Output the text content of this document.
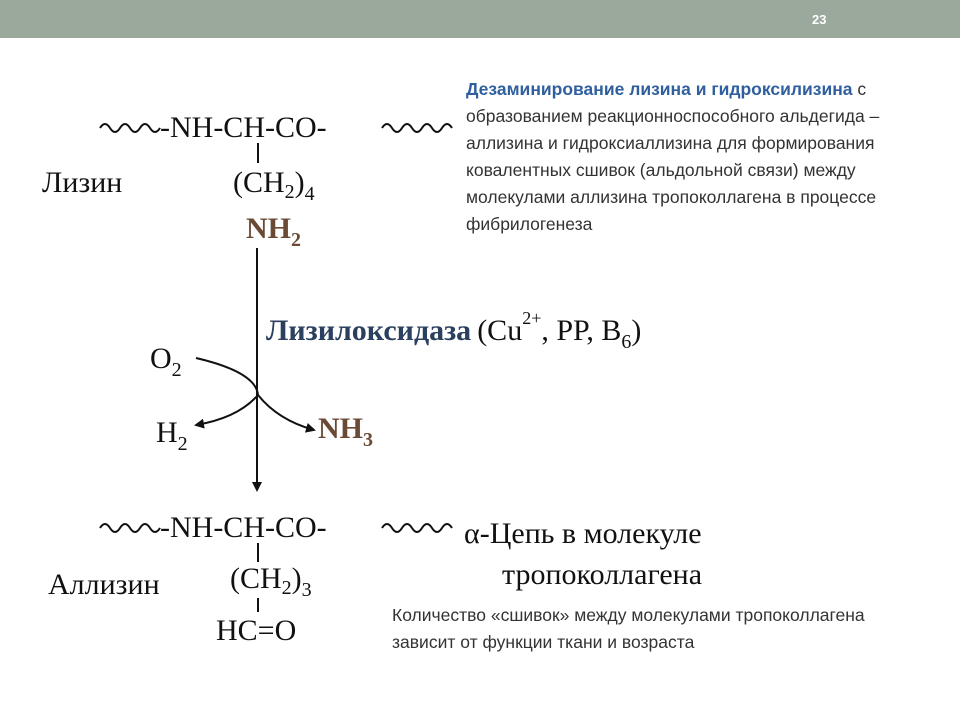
23
-NH-CH-CO-
Лизин	$(CH_2)_4$
$NH_2$
Лизилоксидаза ($Cu^{2+}$, PP, $B_6$)
$O_2$
$H_2$	$NH_3$
-NH-CH-CO-	α-Цепь в молекуле
тропоколлагена
Аллизин $(CH_2)_3$
HC=O
Дезаминирование лизина и гидроксилизина с образованием реакционноспособного альдегида – аллизина и гидроксиаллизина для формирования ковалентных сшивок (альдольной связи) между молекулами аллизина тропоколлагена в процессе фибрилогенеза
Количество «сшивок» между молекулами тропоколлагена зависит от функции ткани и возраста
